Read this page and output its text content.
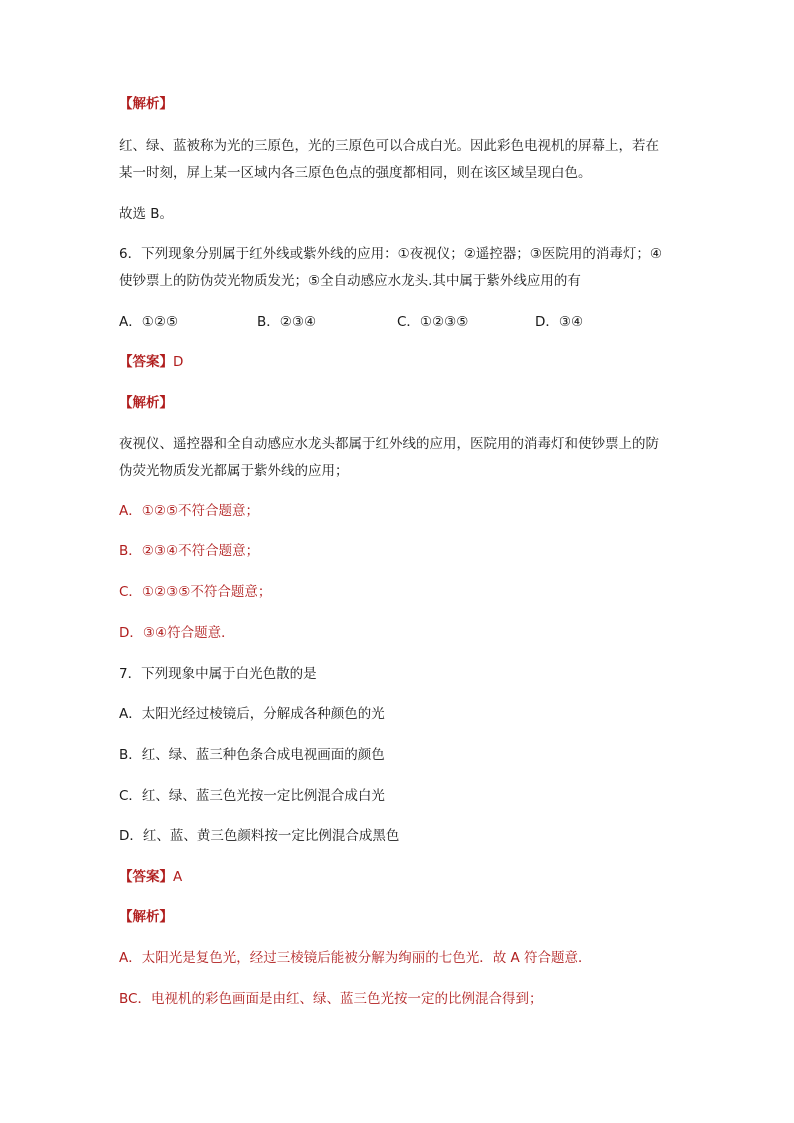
【解析】
红、绿、蓝被称为光的三原色，光的三原色可以合成白光。因此彩色电视机的屏幕上，若在
某一时刻，屏上某一区域内各三原色色点的强度都相同，则在该区域呈现白色。
故选 B。
6．下列现象分别属于红外线或紫外线的应用：①夜视仪；②遥控器；③医院用的消毒灯；④
使钞票上的防伪荧光物质发光；⑤全自动感应水龙头.其中属于紫外线应用的有
A．①②⑤	B．②③④	C．①②③⑤	D．③④
【答案】D
【解析】
夜视仪、遥控器和全自动感应水龙头都属于红外线的应用，医院用的消毒灯和使钞票上的防
伪荧光物质发光都属于紫外线的应用；
A．①②⑤不符合题意；
B．②③④不符合题意；
C．①②③⑤不符合题意；
D．③④符合题意．
7．下列现象中属于白光色散的是
A．太阳光经过棱镜后，分解成各种颜色的光
B．红、绿、蓝三种色条合成电视画面的颜色
C．红、绿、蓝三色光按一定比例混合成白光
D．红、蓝、黄三色颜料按一定比例混合成黑色
【答案】A
【解析】
A．太阳光是复色光，经过三棱镜后能被分解为绚丽的七色光．故 A 符合题意．
BC．电视机的彩色画面是由红、绿、蓝三色光按一定的比例混合得到；
